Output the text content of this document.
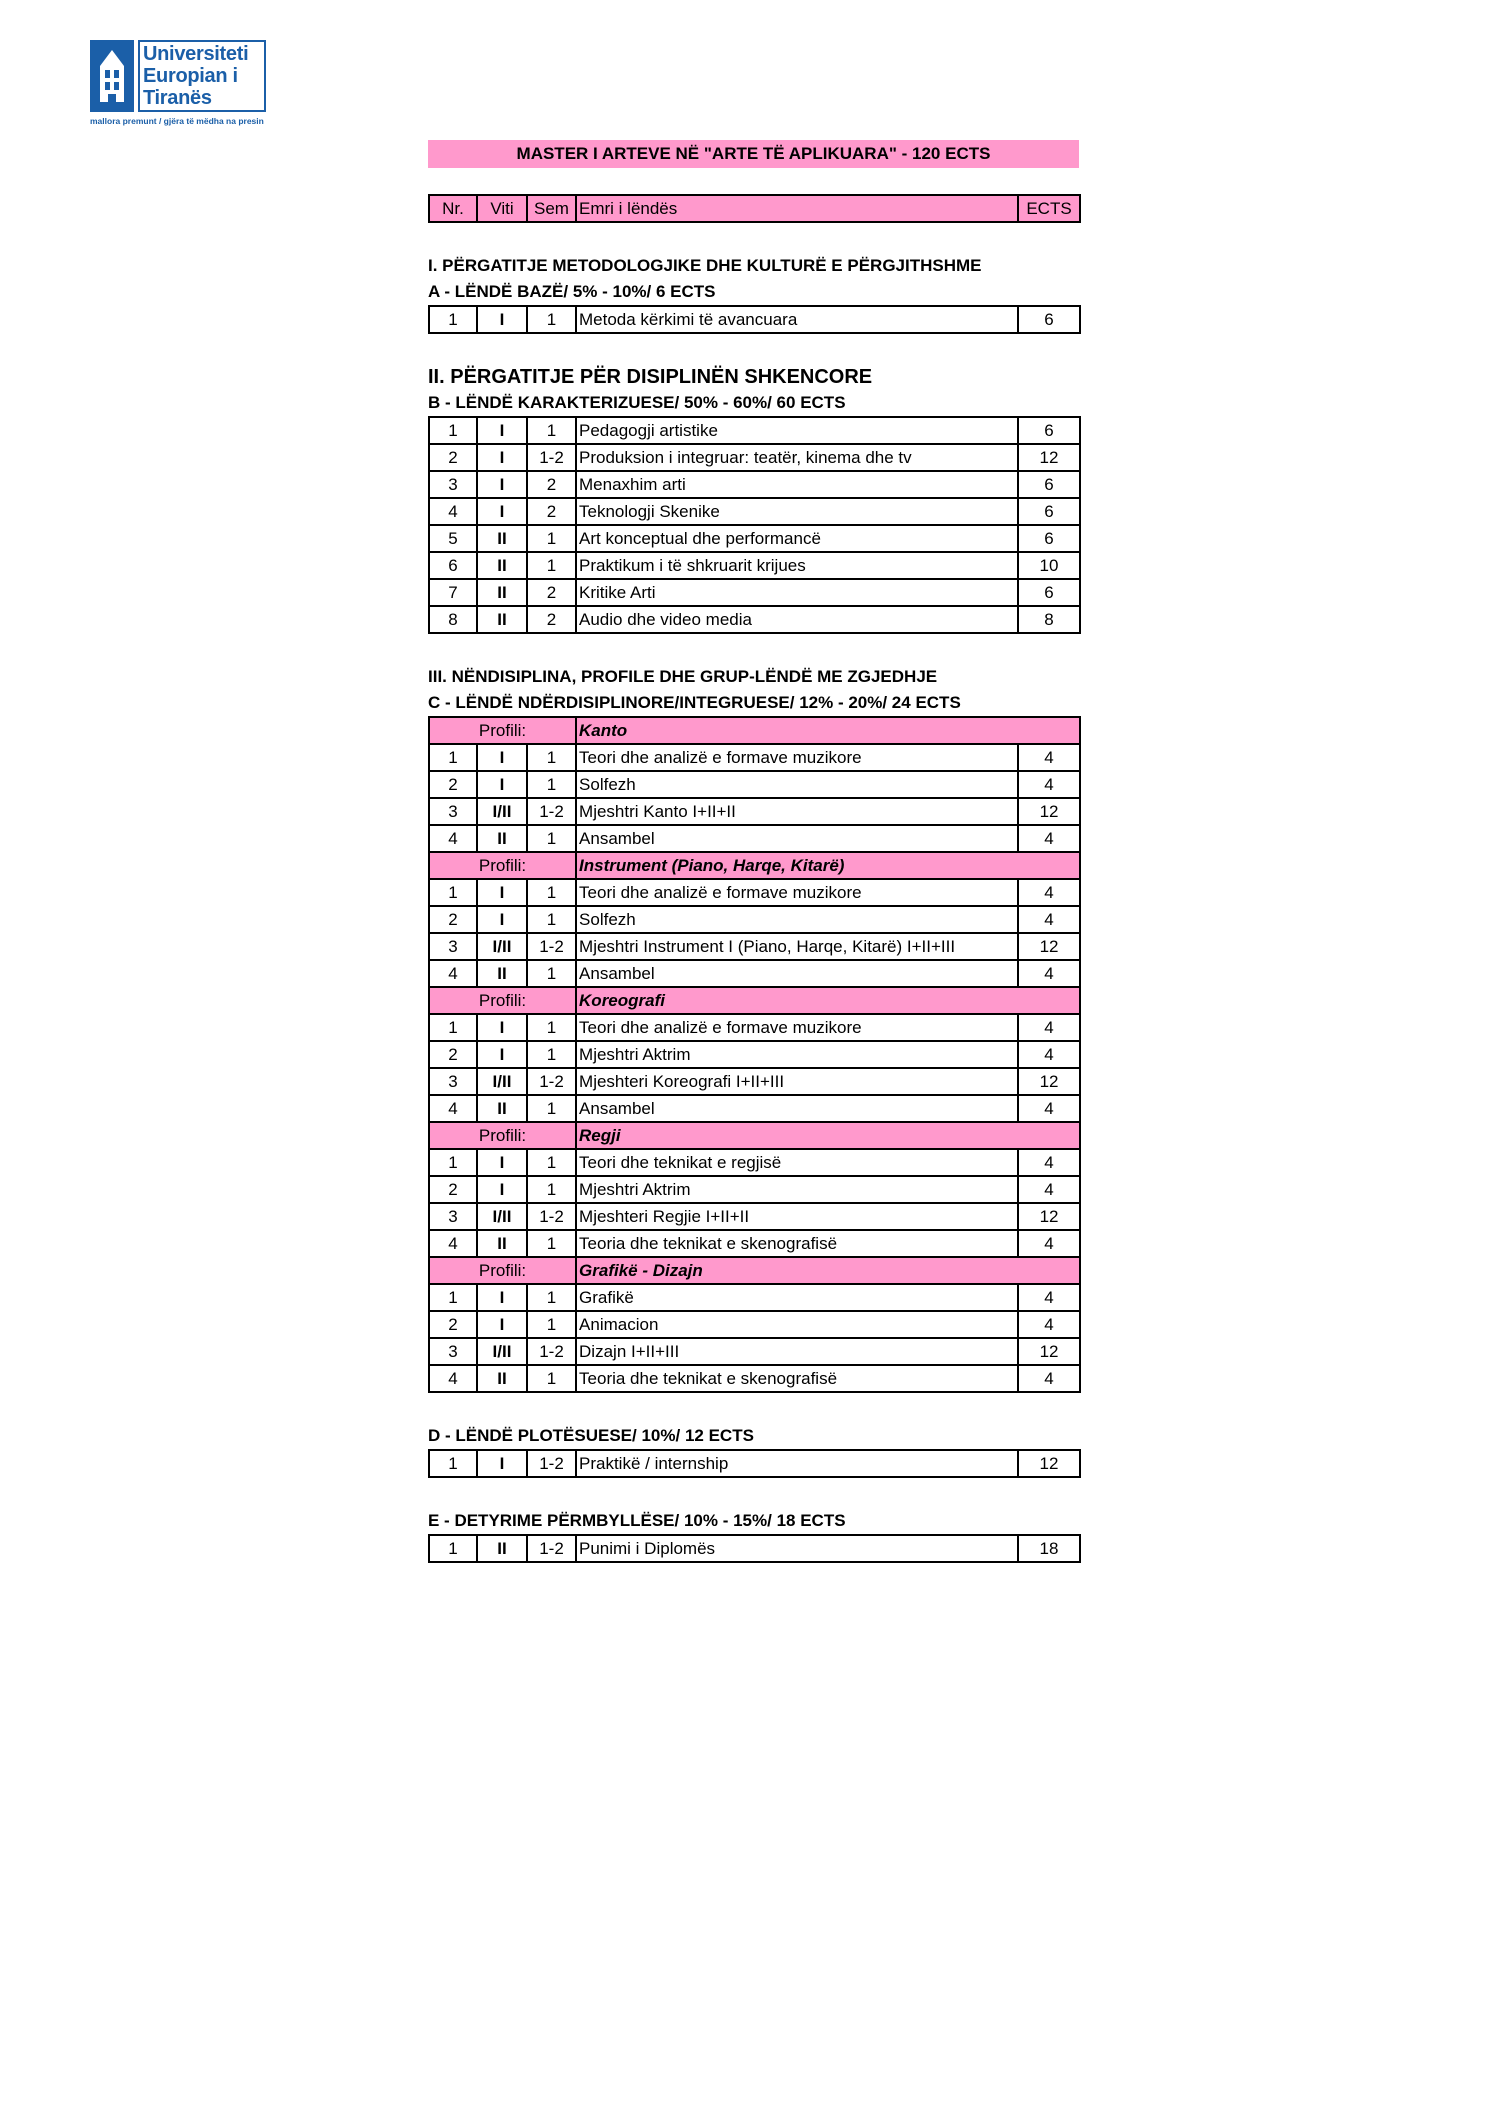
Universiteti
Europian i
Tiranës
mallora premunt / gjëra të mëdha na presin
MASTER I ARTEVE NË "ARTE TË APLIKUARA" - 120 ECTS
Nr.	Viti	Sem	Emri i lëndës	ECTS
I. PËRGATITJE METODOLOGJIKE DHE KULTURË E PËRGJITHSHME
A - LËNDË BAZË/ 5% - 10%/ 6 ECTS
1	I	1	Metoda kërkimi të avancuara	6
II. PËRGATITJE PËR DISIPLINËN SHKENCORE
B - LËNDË KARAKTERIZUESE/ 50% - 60%/ 60 ECTS
1	I	1	Pedagogji artistike	6
2	I	1-2	Produksion i integruar: teatër, kinema dhe tv	12
3	I	2	Menaxhim arti	6
4	I	2	Teknologji Skenike	6
5	II	1	Art konceptual dhe performancë	6
6	II	1	Praktikum i të shkruarit krijues	10
7	II	2	Kritike Arti	6
8	II	2	Audio dhe video media	8
III. NËNDISIPLINA, PROFILE DHE GRUP-LËNDË ME ZGJEDHJE
C - LËNDË NDËRDISIPLINORE/INTEGRUESE/ 12% - 20%/ 24 ECTS
Profili:			Kanto	
1	I	1	Teori dhe analizë e formave muzikore	4
2	I	1	Solfezh	4
3	I/II	1-2	Mjeshtri Kanto I+II+II	12
4	II	1	Ansambel	4
Profili:			Instrument (Piano, Harqe, Kitarë)	
1	I	1	Teori dhe analizë e formave muzikore	4
2	I	1	Solfezh	4
3	I/II	1-2	Mjeshtri Instrument I (Piano, Harqe, Kitarë) I+II+III	12
4	II	1	Ansambel	4
Profili:			Koreografi	
1	I	1	Teori dhe analizë e formave muzikore	4
2	I	1	Mjeshtri Aktrim	4
3	I/II	1-2	Mjeshteri Koreografi I+II+III	12
4	II	1	Ansambel	4
Profili:			Regji	
1	I	1	Teori dhe teknikat e regjisë	4
2	I	1	Mjeshtri Aktrim	4
3	I/II	1-2	Mjeshteri Regjie I+II+II	12
4	II	1	Teoria dhe teknikat e skenografisë	4
Profili:			Grafikë - Dizajn	
1	I	1	Grafikë	4
2	I	1	Animacion	4
3	I/II	1-2	Dizajn I+II+III	12
4	II	1	Teoria dhe teknikat e skenografisë	4
D - LËNDË PLOTËSUESE/ 10%/ 12 ECTS
1	I	1-2	Praktikë / internship	12
E - DETYRIME PËRMBYLLËSE/ 10% - 15%/ 18 ECTS
1	II	1-2	Punimi i Diplomës	18
